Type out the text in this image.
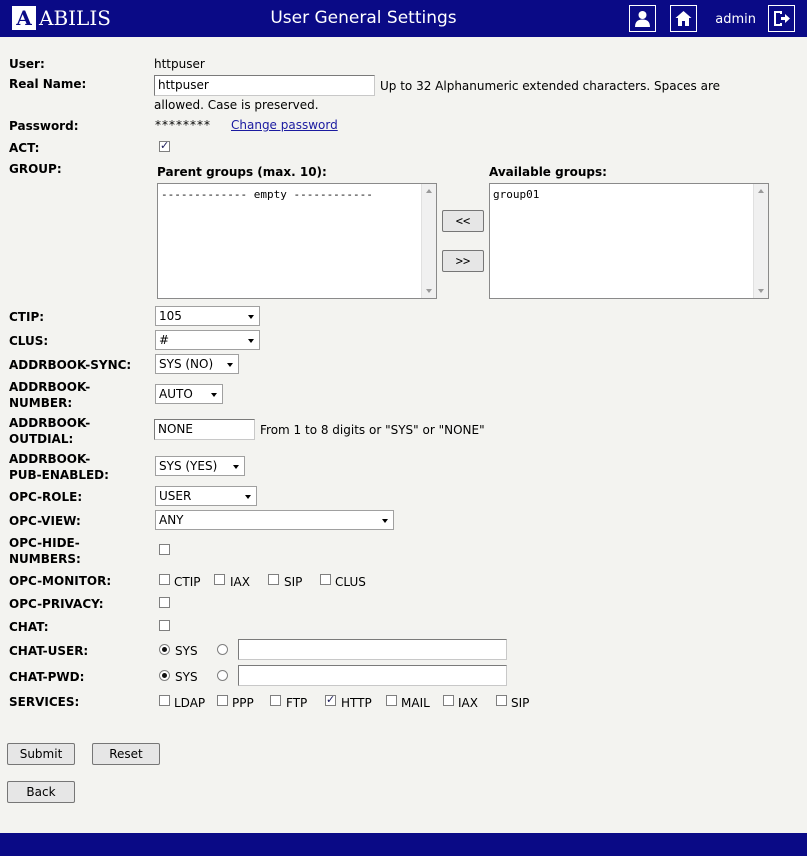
A ABILIS	User General Settings	admin
User:	httpuser
Real Name:	httpuser	Up to 32 Alphanumeric extended characters. Spaces are
allowed. Case is preserved.
Password:	******** Change password
ACT:
✓
GROUP:	Parent groups (max. 10):
------------- empty ------------
<<
>>
Available groups:
group01
CTIP:	105
CLUS:	#
ADDRBOOK-SYNC:	SYS (NO)
ADDRBOOK-
NUMBER:
AUTO
ADDRBOOK-
OUTDIAL:
NONE	From 1 to 8 digits or "SYS" or "NONE"
ADDRBOOK-
PUB-ENABLED:
SYS (YES)
OPC-ROLE:	USER
OPC-VIEW:	ANY
OPC-HIDE-
NUMBERS:
OPC-MONITOR:	CTIP IAX	SIP	CLUS
OPC-PRIVACY:
CHAT:
CHAT-USER:	SYS
CHAT-PWD:	SYS
SERVICES:	LDAP PPP	FTP
✓	HTTP MAIL IAX	SIP
Submit	Reset
Back
